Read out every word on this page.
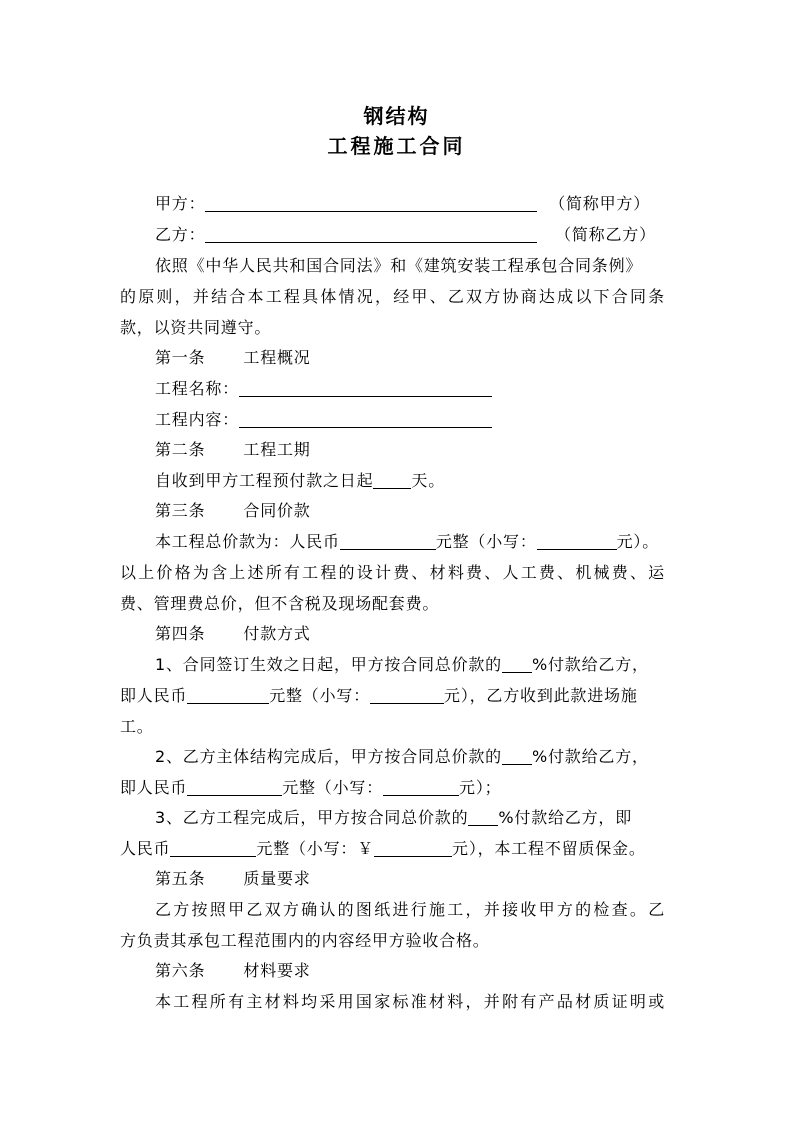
钢结构
工程施工合同
甲方：	（简称甲方）
乙方：	（简称乙方）
依照《中华人民共和国合同法》和《建筑安装工程承包合同条例》
的原则，并结合本工程具体情况，经甲、乙双方协商达成以下合同条
款，以资共同遵守。
第一条 工程概况
工程名称：
工程内容：
第二条 工程工期
自收到甲方工程预付款之日起 天。
第三条 合同价款
本工程总价款为：人民币	元整（小写：	元）。
以上价格为含上述所有工程的设计费、材料费、人工费、机械费、运
费、管理费总价，但不含税及现场配套费。
第四条 付款方式
1、合同签订生效之日起，甲方按合同总价款的 %付款给乙方，
即人民币	元整（小写：	元），乙方收到此款进场施
工。
2、乙方主体结构完成后，甲方按合同总价款的 %付款给乙方，
即人民币	元整（小写：	元）；
3、乙方工程完成后，甲方按合同总价款的 %付款给乙方，即
人民币	元整（小写：￥	元），本工程不留质保金。
第五条 质量要求
乙方按照甲乙双方确认的图纸进行施工，并接收甲方的检查。乙
方负责其承包工程范围内的内容经甲方验收合格。
第六条 材料要求
本工程所有主材料均采用国家标准材料，并附有产品材质证明或
